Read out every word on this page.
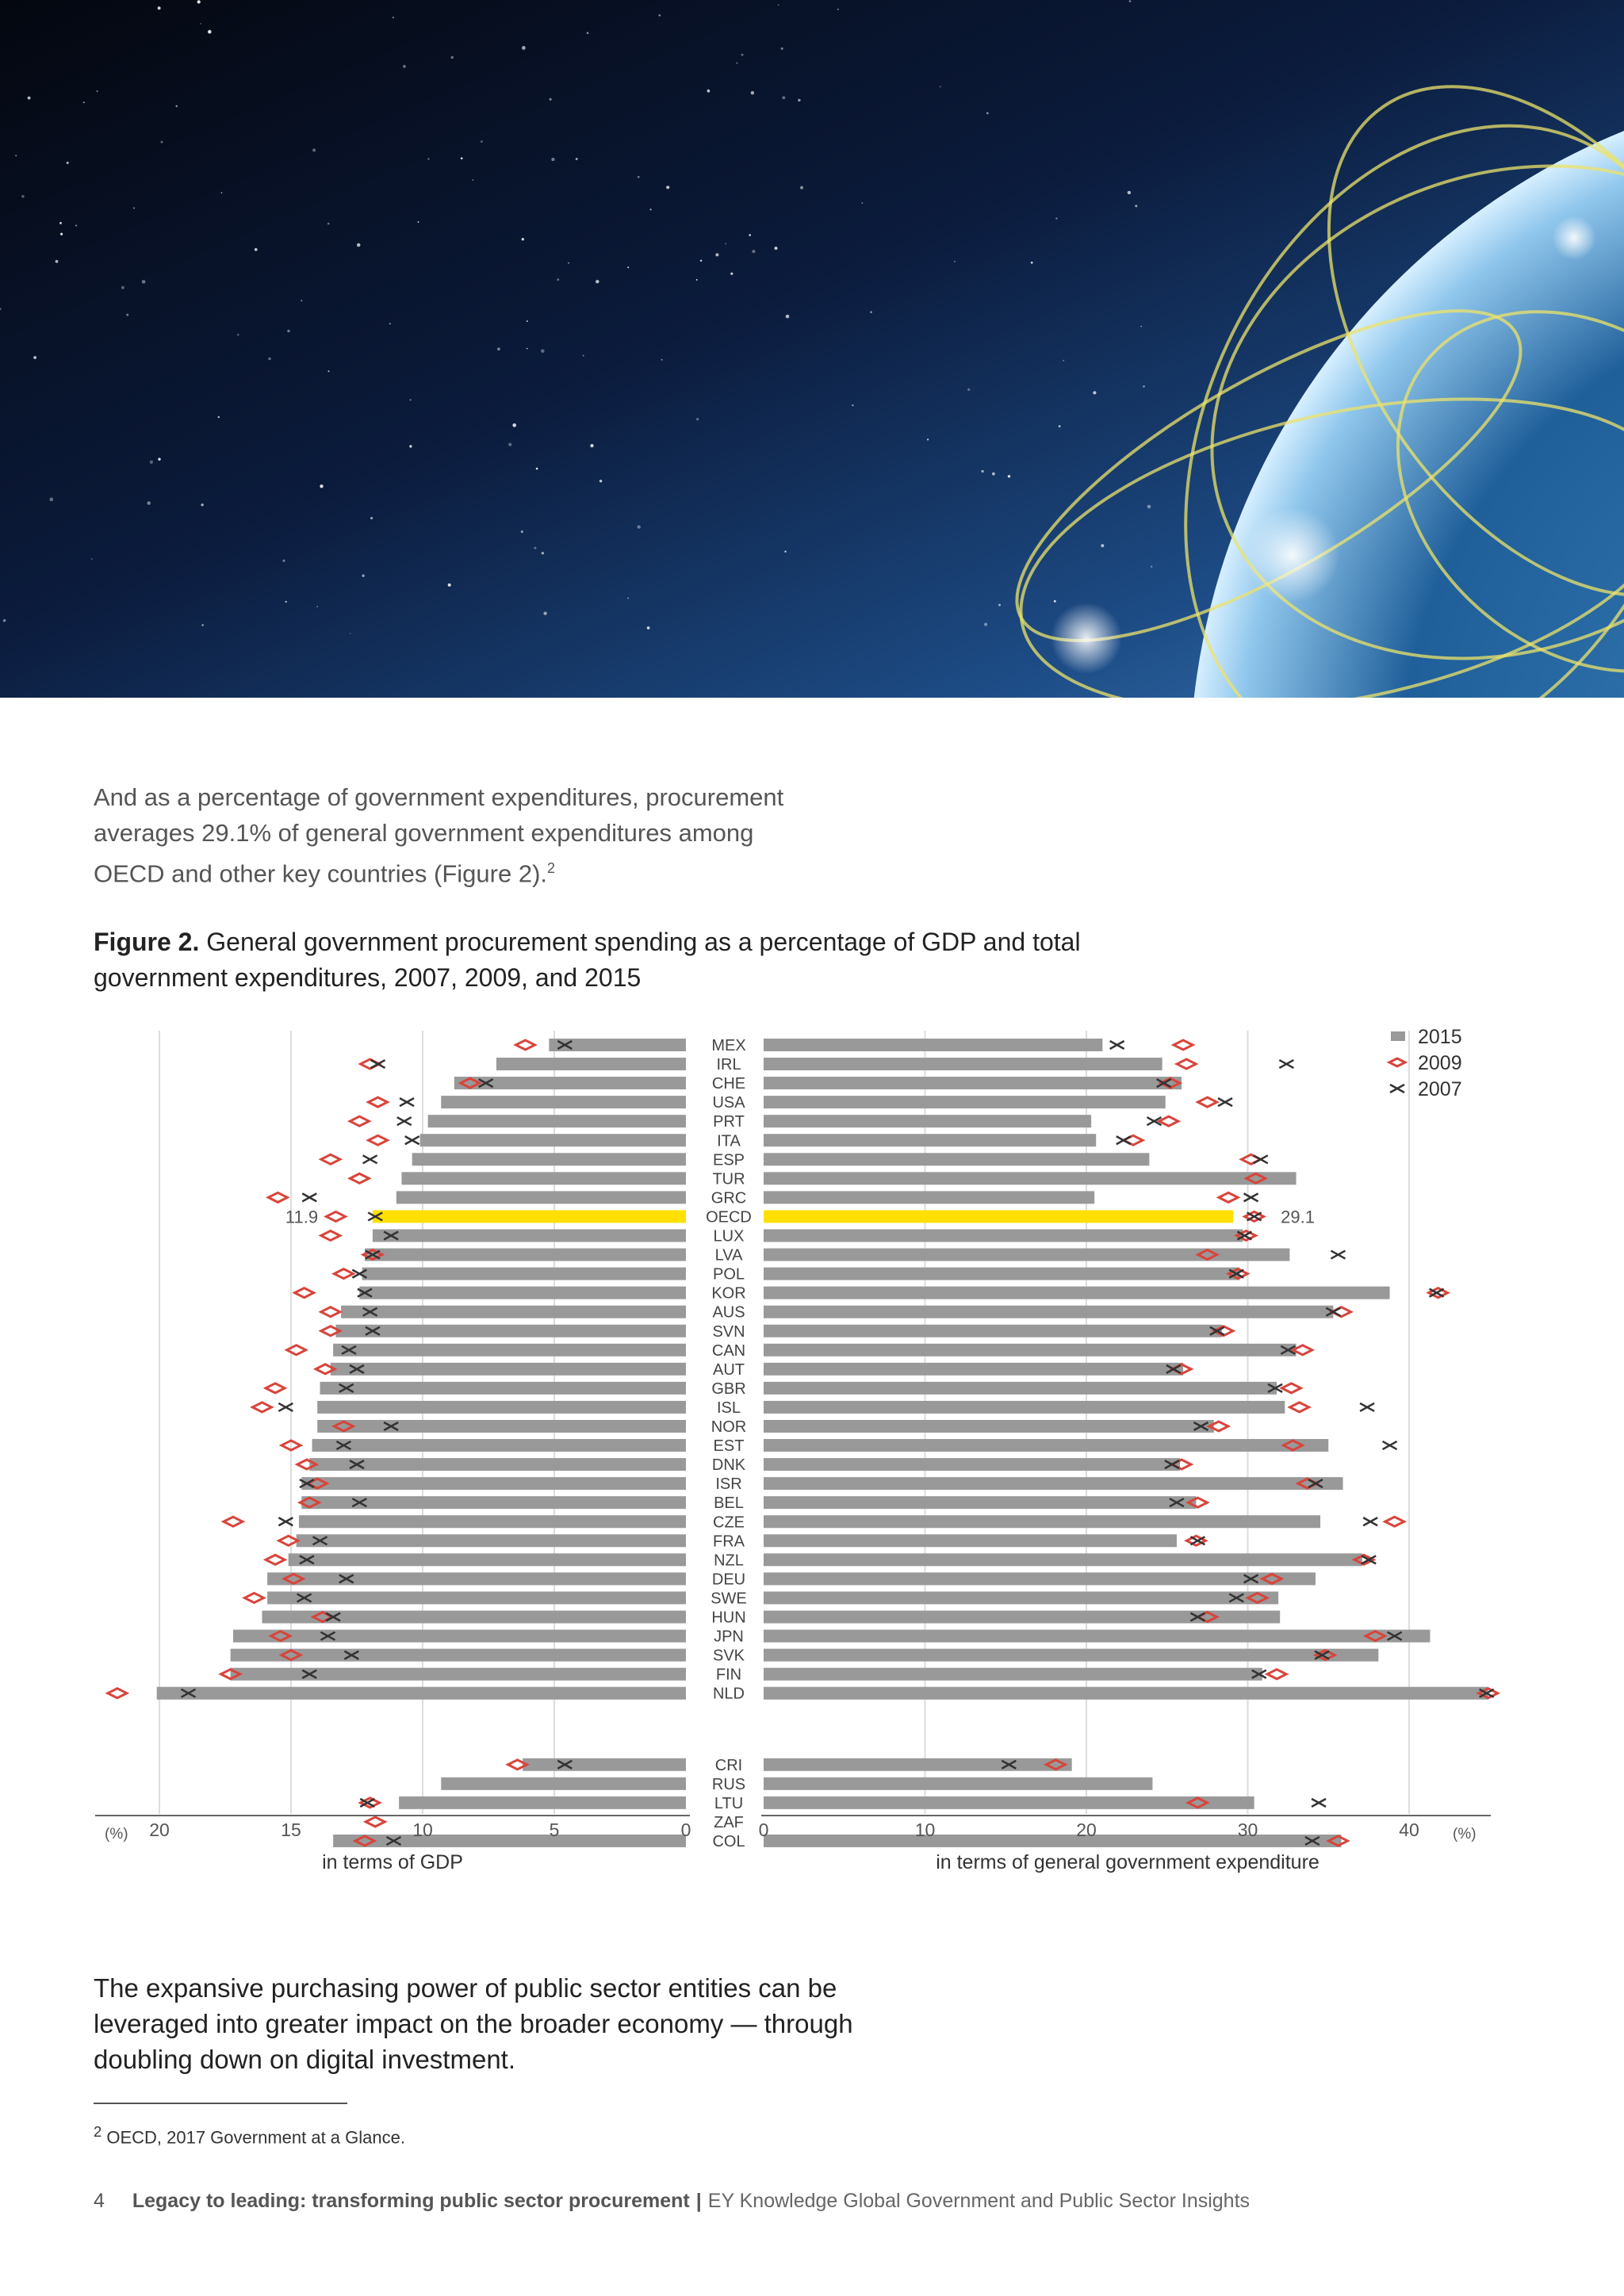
And as a percentage of government expenditures, procurement averages 29.1% of general government expenditures among OECD and other key countries (Figure 2).$^2$

Figure 2. General government procurement spending as a percentage of GDP and total government expenditures, 2007, 2009, and 2015

MEX
IRL
CHE
USA
PRT
ITA
ESP
TUR
GRC
OECD
11.9	29.1
LUX
LVA
POL
KOR
AUS
SVN
CAN
AUT
GBR
ISL
NOR
EST
DNK
ISR
BEL
CZE
FRA
NZL
DEU
SWE
HUN
JPN
SVK
FIN
NLD
CRI
RUS
LTU
ZAF
COL
20	15	10	5	0	0	10	20	30	40
(%)	(%)
in terms of GDP	in terms of general government expenditure
2015
2009
2007

The expansive purchasing power of public sector entities can be leveraged into greater impact on the broader economy — through doubling down on digital investment.

$^2$ OECD, 2017 Government at a Glance.
4 Legacy to leading: transforming public sector procurement | EY Knowledge Global Government and Public Sector Insights
